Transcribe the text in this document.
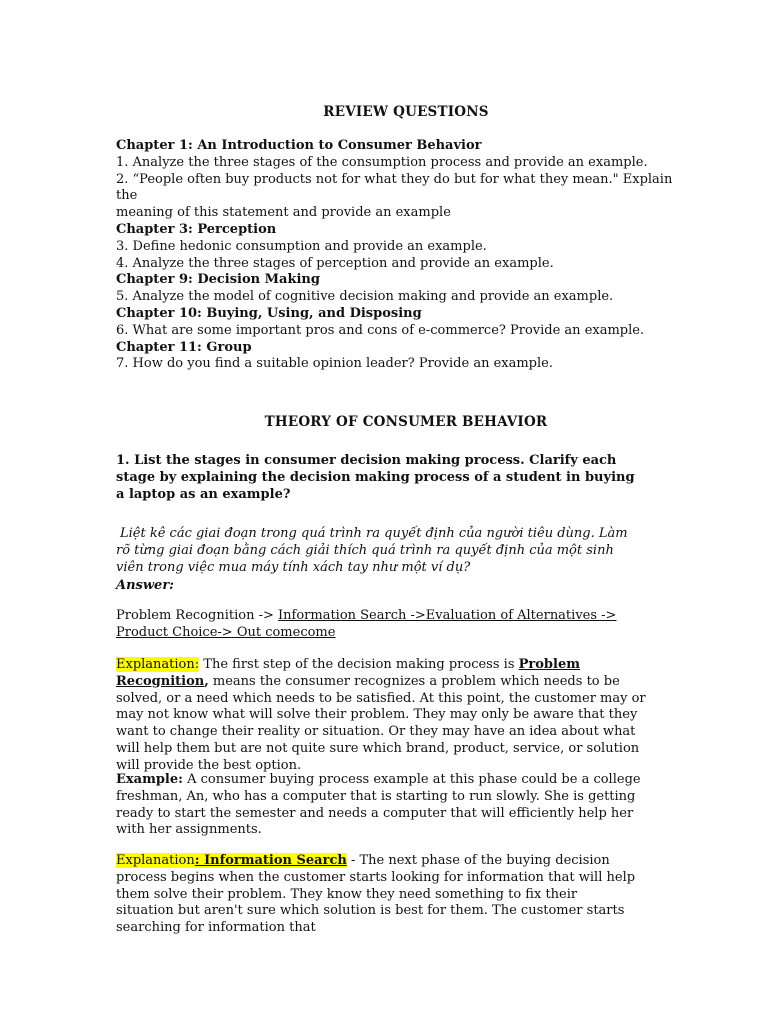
REVIEW QUESTIONS

Chapter 1: An Introduction to Consumer Behavior

1. Analyze the three stages of the consumption process and provide an example.

2. “People often buy products not for what they do but for what they mean." Explain the

meaning of this statement and provide an example

Chapter 3: Perception

3. Define hedonic consumption and provide an example.

4. Analyze the three stages of perception and provide an example.

Chapter 9: Decision Making

5. Analyze the model of cognitive decision making and provide an example.

Chapter 10: Buying, Using, and Disposing

6. What are some important pros and cons of e-commerce? Provide an example.

Chapter 11: Group

7. How do you find a suitable opinion leader? Provide an example.

THEORY OF CONSUMER BEHAVIOR

1. List the stages in consumer decision making process. Clarify each stage by explaining the decision making process of a student in buying a laptop as an example?

Liệt kê các giai đoạn trong quá trình ra quyết định của người tiêu dùng. Làm rõ từng giai đoạn bằng cách giải thích quá trình ra quyết định của một sinh viên trong việc mua máy tính xách tay như một ví dụ?

Answer:

Problem Recognition -> Information Search ->Evaluation of Alternatives -> Product Choice-> Out comecome

Explanation: The first step of the decision making process is Problem Recognition, means the consumer recognizes a problem which needs to be solved, or a need which needs to be satisfied. At this point, the customer may or may not know what will solve their problem. They may only be aware that they want to change their reality or situation. Or they may have an idea about what will help them but are not quite sure which brand, product, service, or solution will provide the best option.

Example: A consumer buying process example at this phase could be a college freshman, An, who has a computer that is starting to run slowly. She is getting ready to start the semester and needs a computer that will efficiently help her with her assignments.

Explanation: Information Search - The next phase of the buying decision process begins when the customer starts looking for information that will help them solve their problem. They know they need something to fix their situation but aren't sure which solution is best for them. The customer starts searching for information that
